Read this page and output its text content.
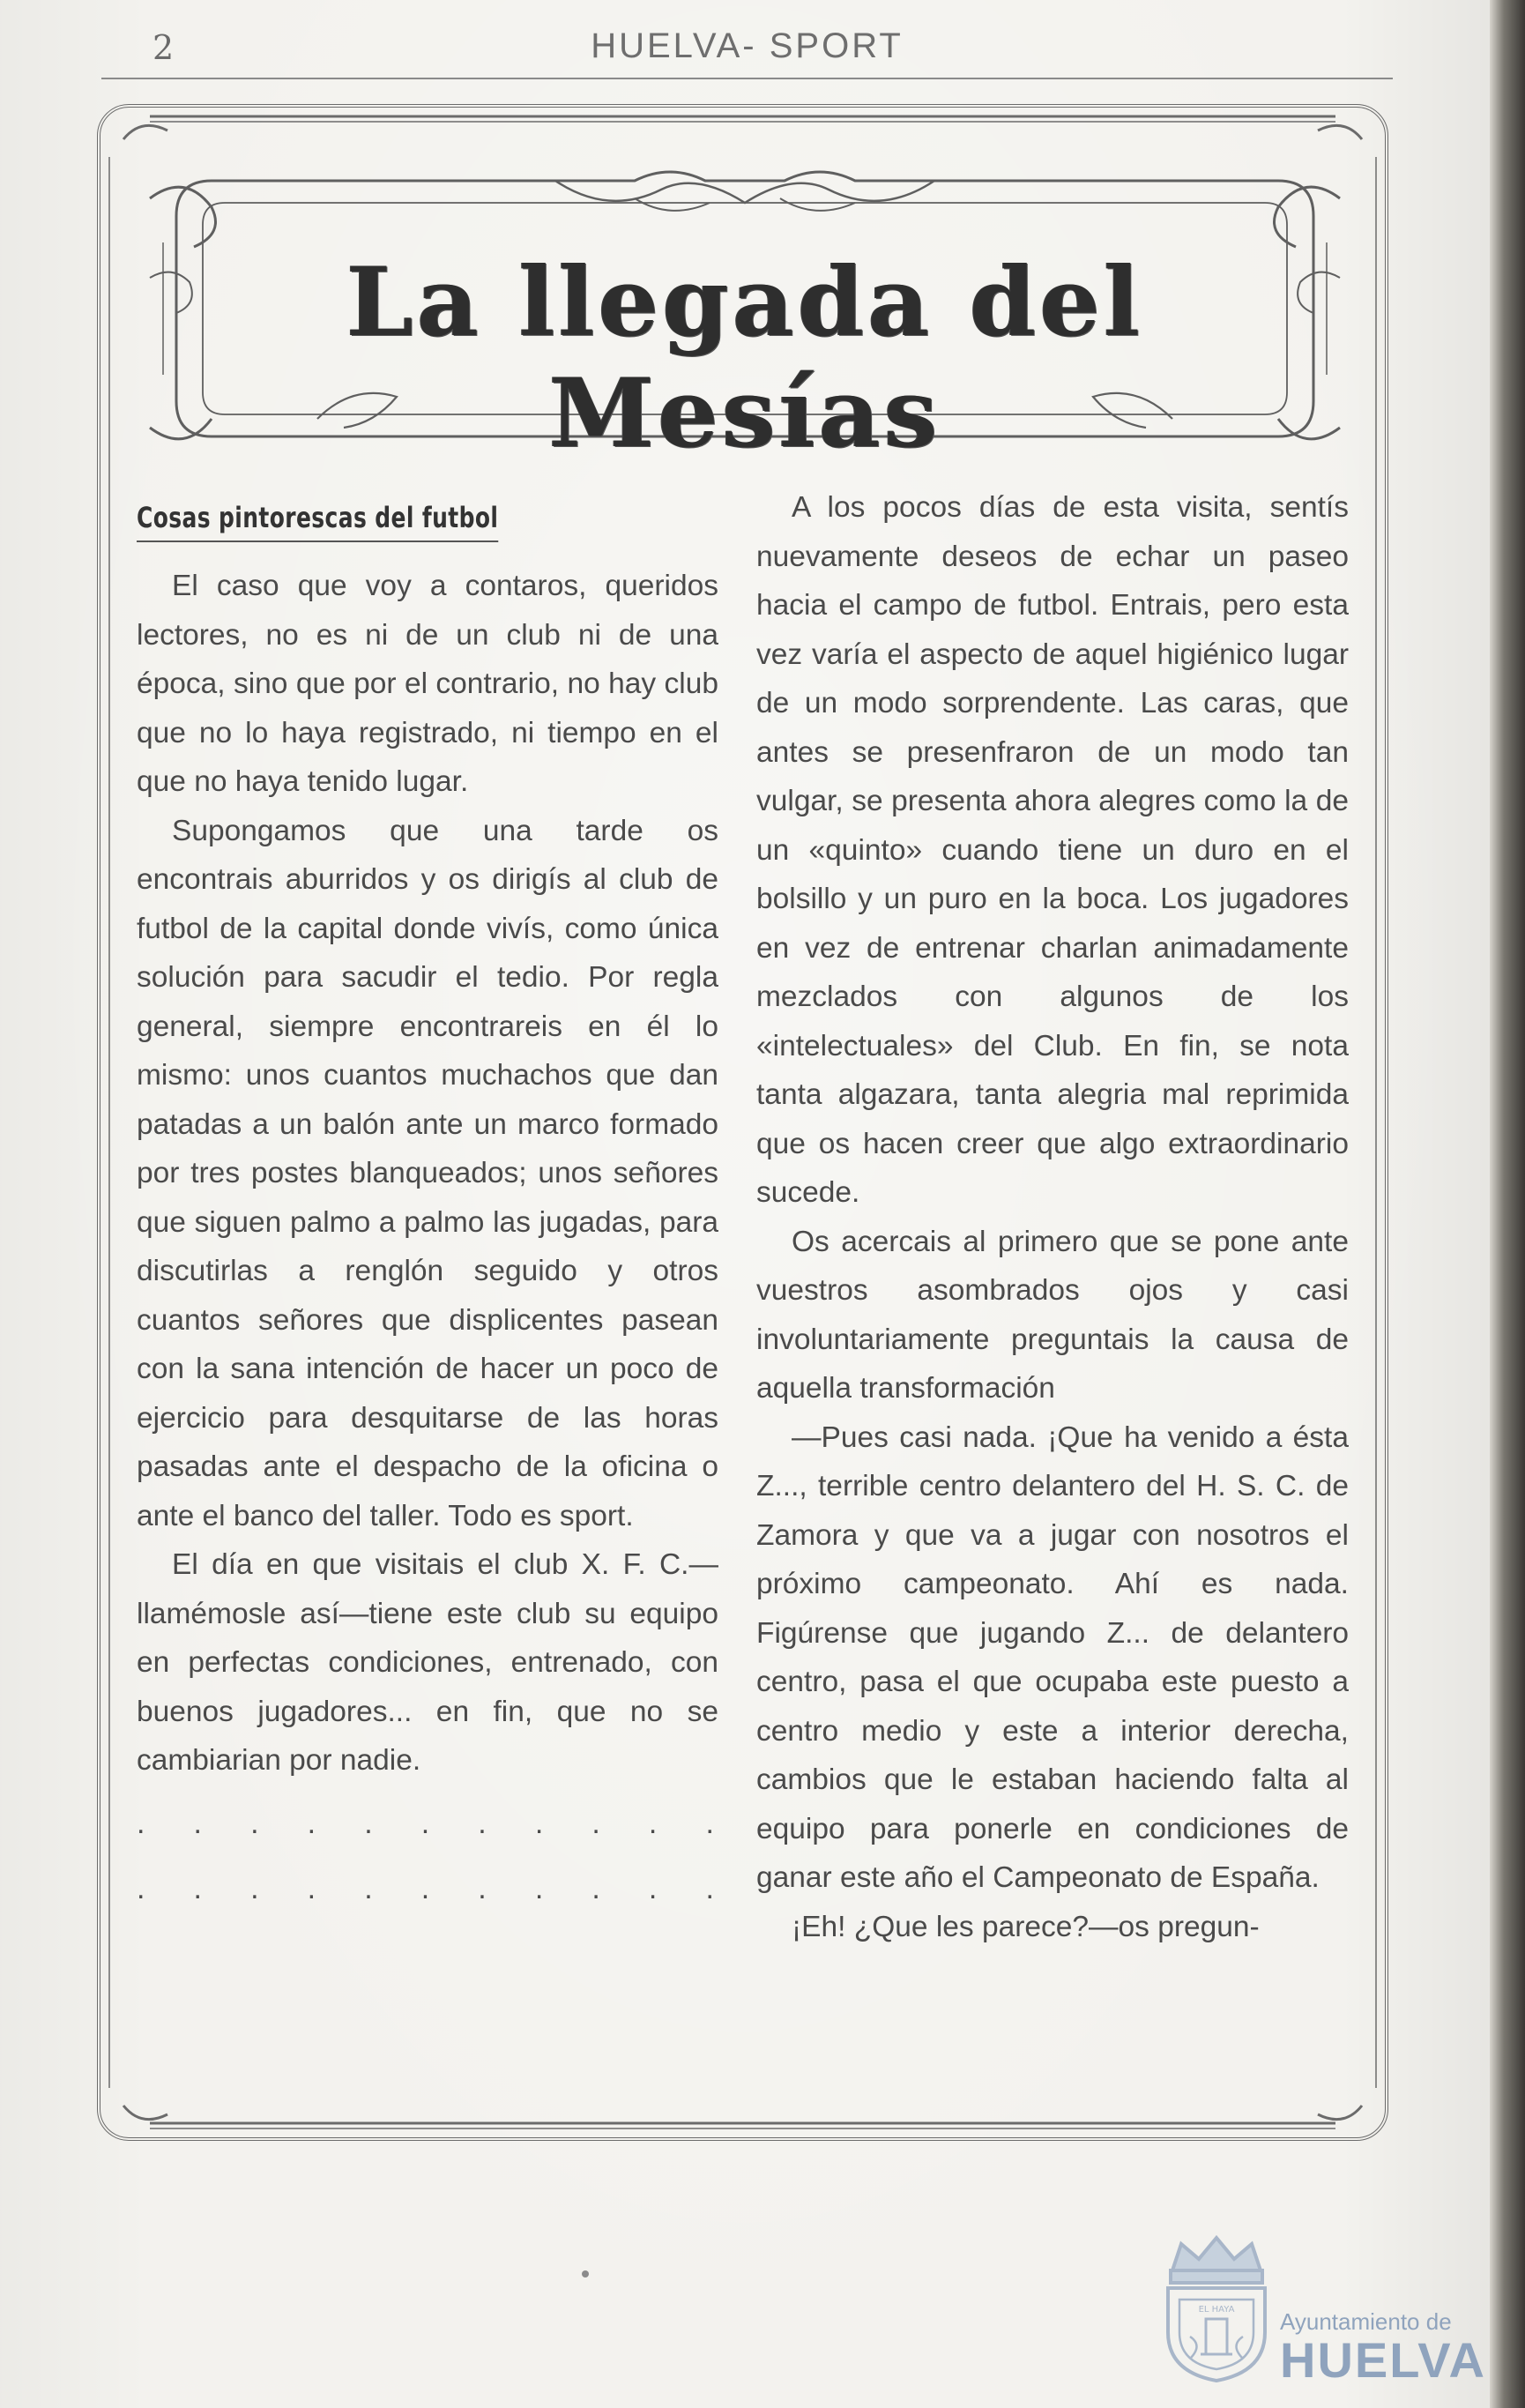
2	HUELVA- SPORT
La llegada del Mesías
Cosas pintorescas del futbol

El caso que voy a contaros, queridos lectores, no es ni de un club ni de una época, sino que por el contrario, no hay club que no lo haya registrado, ni tiempo en el que no haya tenido lugar.

Supongamos que una tarde os encontrais aburridos y os dirigís al club de futbol de la capital donde vivís, como única solución para sacudir el tedio. Por regla general, siempre encontrareis en él lo mismo: unos cuantos muchachos que dan patadas a un balón ante un marco formado por tres postes blanqueados; unos señores que siguen palmo a palmo las jugadas, para discutirlas a renglón seguido y otros cuantos señores que displicentes pasean con la sana intención de hacer un poco de ejercicio para desquitarse de las horas pasadas ante el despacho de la oficina o ante el banco del taller. Todo es sport.

El día en que visitais el club X. F. C.—llamémosle así—tiene este club su equipo en perfectas condiciones, entrenado, con buenos jugadores... en fin, que no se cambiarian por nadie.

. . . . . . . . . . .
. . . . . . . . . . .

A los pocos días de esta visita, sentís nuevamente deseos de echar un paseo hacia el campo de futbol. Entrais, pero esta vez varía el aspecto de aquel higiénico lugar de un modo sorprendente. Las caras, que antes se presenfraron de un modo tan vulgar, se presenta ahora alegres como la de un «quinto» cuando tiene un duro en el bolsillo y un puro en la boca. Los jugadores en vez de entrenar charlan animadamente mezclados con algunos de los «intelectuales» del Club. En fin, se nota tanta algazara, tanta alegria mal reprimida que os hacen creer que algo extraordinario sucede.

Os acercais al primero que se pone ante vuestros asombrados ojos y casi involuntariamente preguntais la causa de aquella transformación

—Pues casi nada. ¡Que ha venido a ésta Z..., terrible centro delantero del H. S. C. de Zamora y que va a jugar con nosotros el próximo campeonato. Ahí es nada. Figúrense que jugando Z... de delantero centro, pasa el que ocupaba este puesto a centro medio y este a interior derecha, cambios que le estaban haciendo falta al equipo para ponerle en condiciones de ganar este año el Campeonato de España.

¡Eh! ¿Que les parece?—os pregun-

EL HAYA Ayuntamiento de
HUELVA
